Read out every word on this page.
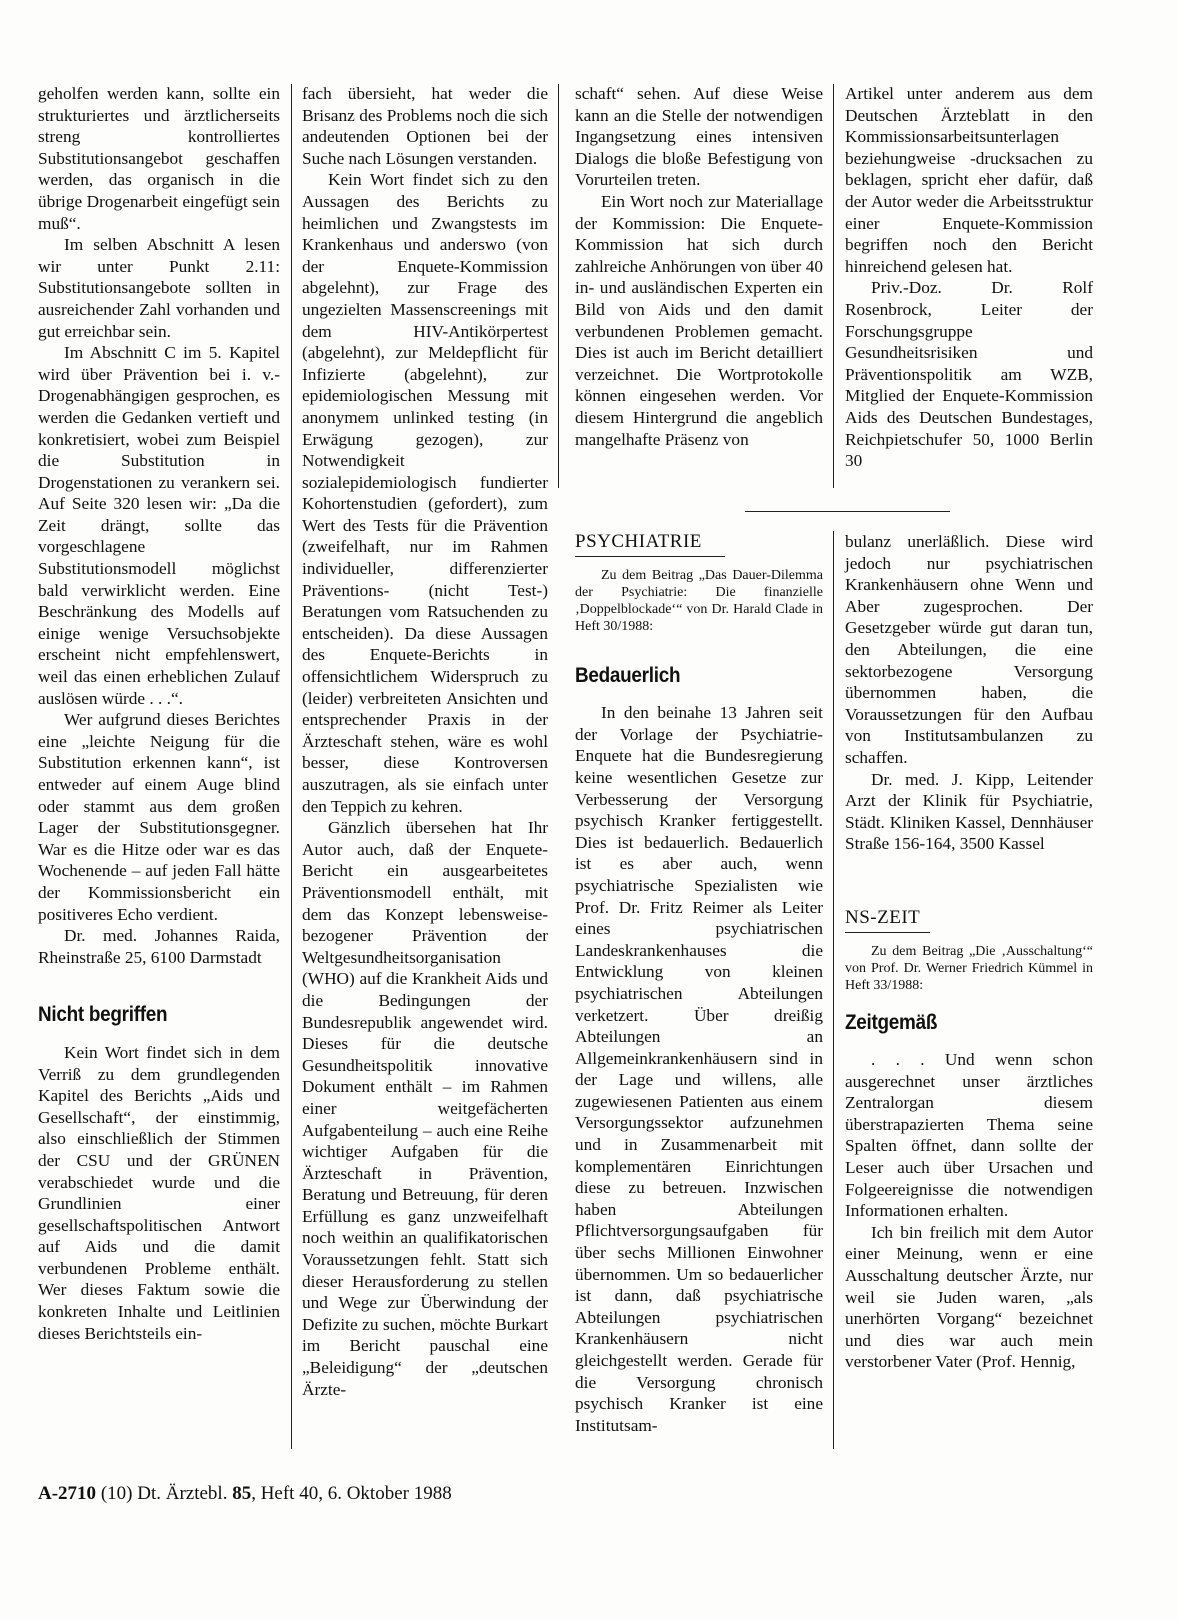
geholfen werden kann, sollte ein strukturiertes und ärztlicherseits streng kontrolliertes Substitutionsangebot geschaffen werden, das organisch in die übrige Drogenarbeit eingefügt sein muß“.

Im selben Abschnitt A lesen wir unter Punkt 2.11: Substitutionsangebote sollten in ausreichender Zahl vorhanden und gut erreichbar sein.

Im Abschnitt C im 5. Kapitel wird über Prävention bei i. v.-Drogenabhängigen gesprochen, es werden die Gedanken vertieft und konkretisiert, wobei zum Beispiel die Substitution in Drogenstationen zu verankern sei. Auf Seite 320 lesen wir: „Da die Zeit drängt, sollte das vorgeschlagene Substitutionsmodell möglichst bald verwirklicht werden. Eine Beschränkung des Modells auf einige wenige Versuchsobjekte erscheint nicht empfehlenswert, weil das einen erheblichen Zulauf auslösen würde . . .“.

Wer aufgrund dieses Berichtes eine „leichte Neigung für die Substitution erkennen kann“, ist entweder auf einem Auge blind oder stammt aus dem großen Lager der Substitutionsgegner. War es die Hitze oder war es das Wochenende – auf jeden Fall hätte der Kommissionsbericht ein positiveres Echo verdient.

Dr. med. Johannes Raida, Rheinstraße 25, 6100 Darmstadt

Nicht begriffen

Kein Wort findet sich in dem Verriß zu dem grundlegenden Kapitel des Berichts „Aids und Gesellschaft“, der einstimmig, also einschließlich der Stimmen der CSU und der GRÜNEN verabschiedet wurde und die Grundlinien einer gesellschaftspolitischen Antwort auf Aids und die damit verbundenen Probleme enthält. Wer dieses Faktum sowie die konkreten Inhalte und Leitlinien dieses Berichtsteils ein-

fach übersieht, hat weder die Brisanz des Problems noch die sich andeutenden Optionen bei der Suche nach Lösungen verstanden.

Kein Wort findet sich zu den Aussagen des Berichts zu heimlichen und Zwangstests im Krankenhaus und anderswo (von der Enquete-Kommission abgelehnt), zur Frage des ungezielten Massenscreenings mit dem HIV-Antikörpertest (abgelehnt), zur Meldepflicht für Infizierte (abgelehnt), zur epidemiologischen Messung mit anonymem unlinked testing (in Erwägung gezogen), zur Notwendigkeit sozialepidemiologisch fundierter Kohortenstudien (gefordert), zum Wert des Tests für die Prävention (zweifelhaft, nur im Rahmen individueller, differenzierter Präventions- (nicht Test-) Beratungen vom Ratsuchenden zu entscheiden). Da diese Aussagen des Enquete-Berichts in offensichtlichem Widerspruch zu (leider) verbreiteten Ansichten und entsprechender Praxis in der Ärzteschaft stehen, wäre es wohl besser, diese Kontroversen auszutragen, als sie einfach unter den Teppich zu kehren.

Gänzlich übersehen hat Ihr Autor auch, daß der Enquete-Bericht ein ausgearbeitetes Präventionsmodell enthält, mit dem das Konzept lebensweise-bezogener Prävention der Weltgesundheitsorganisation (WHO) auf die Krankheit Aids und die Bedingungen der Bundesrepublik angewendet wird. Dieses für die deutsche Gesundheitspolitik innovative Dokument enthält – im Rahmen einer weitgefächerten Aufgabenteilung – auch eine Reihe wichtiger Aufgaben für die Ärzteschaft in Prävention, Beratung und Betreuung, für deren Erfüllung es ganz unzweifelhaft noch weithin an qualifikatorischen Voraussetzungen fehlt. Statt sich dieser Herausforderung zu stellen und Wege zur Überwindung der Defizite zu suchen, möchte Burkart im Bericht pauschal eine „Beleidigung“ der „deutschen Ärzte-

schaft“ sehen. Auf diese Weise kann an die Stelle der notwendigen Ingangsetzung eines intensiven Dialogs die bloße Befestigung von Vorurteilen treten.

Ein Wort noch zur Materiallage der Kommission: Die Enquete-Kommission hat sich durch zahlreiche Anhörungen von über 40 in- und ausländischen Experten ein Bild von Aids und den damit verbundenen Problemen gemacht. Dies ist auch im Bericht detailliert verzeichnet. Die Wortprotokolle können eingesehen werden. Vor diesem Hintergrund die angeblich mangelhafte Präsenz von

Artikel unter anderem aus dem Deutschen Ärzteblatt in den Kommissionsarbeitsunterlagen beziehungweise -drucksachen zu beklagen, spricht eher dafür, daß der Autor weder die Arbeitsstruktur einer Enquete-Kommission begriffen noch den Bericht hinreichend gelesen hat.

Priv.-Doz. Dr. Rolf Rosenbrock, Leiter der Forschungsgruppe Gesundheitsrisiken und Präventionspolitik am WZB, Mitglied der Enquete-Kommission Aids des Deutschen Bundestages, Reichpietschufer 50, 1000 Berlin 30

PSYCHIATRIE
Zu dem Beitrag „Das Dauer-Dilemma der Psychiatrie: Die finanzielle ‚Doppelblockade‘“ von Dr. Harald Clade in Heft 30/1988:
Bedauerlich

In den beinahe 13 Jahren seit der Vorlage der Psychiatrie-Enquete hat die Bundesregierung keine wesentlichen Gesetze zur Verbesserung der Versorgung psychisch Kranker fertiggestellt. Dies ist bedauerlich. Bedauerlich ist es aber auch, wenn psychiatrische Spezialisten wie Prof. Dr. Fritz Reimer als Leiter eines psychiatrischen Landeskrankenhauses die Entwicklung von kleinen psychiatrischen Abteilungen verketzert. Über dreißig Abteilungen an Allgemeinkrankenhäusern sind in der Lage und willens, alle zugewiesenen Patienten aus einem Versorgungssektor aufzunehmen und in Zusammenarbeit mit komplementären Einrichtungen diese zu betreuen. Inzwischen haben Abteilungen Pflichtversorgungsaufgaben für über sechs Millionen Einwohner übernommen. Um so bedauerlicher ist dann, daß psychiatrische Abteilungen psychiatrischen Krankenhäusern nicht gleichgestellt werden. Gerade für die Versorgung chronisch psychisch Kranker ist eine Institutsam-

bulanz unerläßlich. Diese wird jedoch nur psychiatrischen Krankenhäusern ohne Wenn und Aber zugesprochen. Der Gesetzgeber würde gut daran tun, den Abteilungen, die eine sektorbezogene Versorgung übernommen haben, die Voraussetzungen für den Aufbau von Institutsambulanzen zu schaffen.

Dr. med. J. Kipp, Leitender Arzt der Klinik für Psychiatrie, Städt. Kliniken Kassel, Dennhäuser Straße 156-164, 3500 Kassel

NS-ZEIT
Zu dem Beitrag „Die ‚Ausschaltung‘“ von Prof. Dr. Werner Friedrich Kümmel in Heft 33/1988:
Zeitgemäß

. . . Und wenn schon ausgerechnet unser ärztliches Zentralorgan diesem überstrapazierten Thema seine Spalten öffnet, dann sollte der Leser auch über Ursachen und Folgeereignisse die notwendigen Informationen erhalten.

Ich bin freilich mit dem Autor einer Meinung, wenn er eine Ausschaltung deutscher Ärzte, nur weil sie Juden waren, „als unerhörten Vorgang“ bezeichnet und dies war auch mein verstorbener Vater (Prof. Hennig,

A-2710 (10) Dt. Ärztebl. 85, Heft 40, 6. Oktober 1988
